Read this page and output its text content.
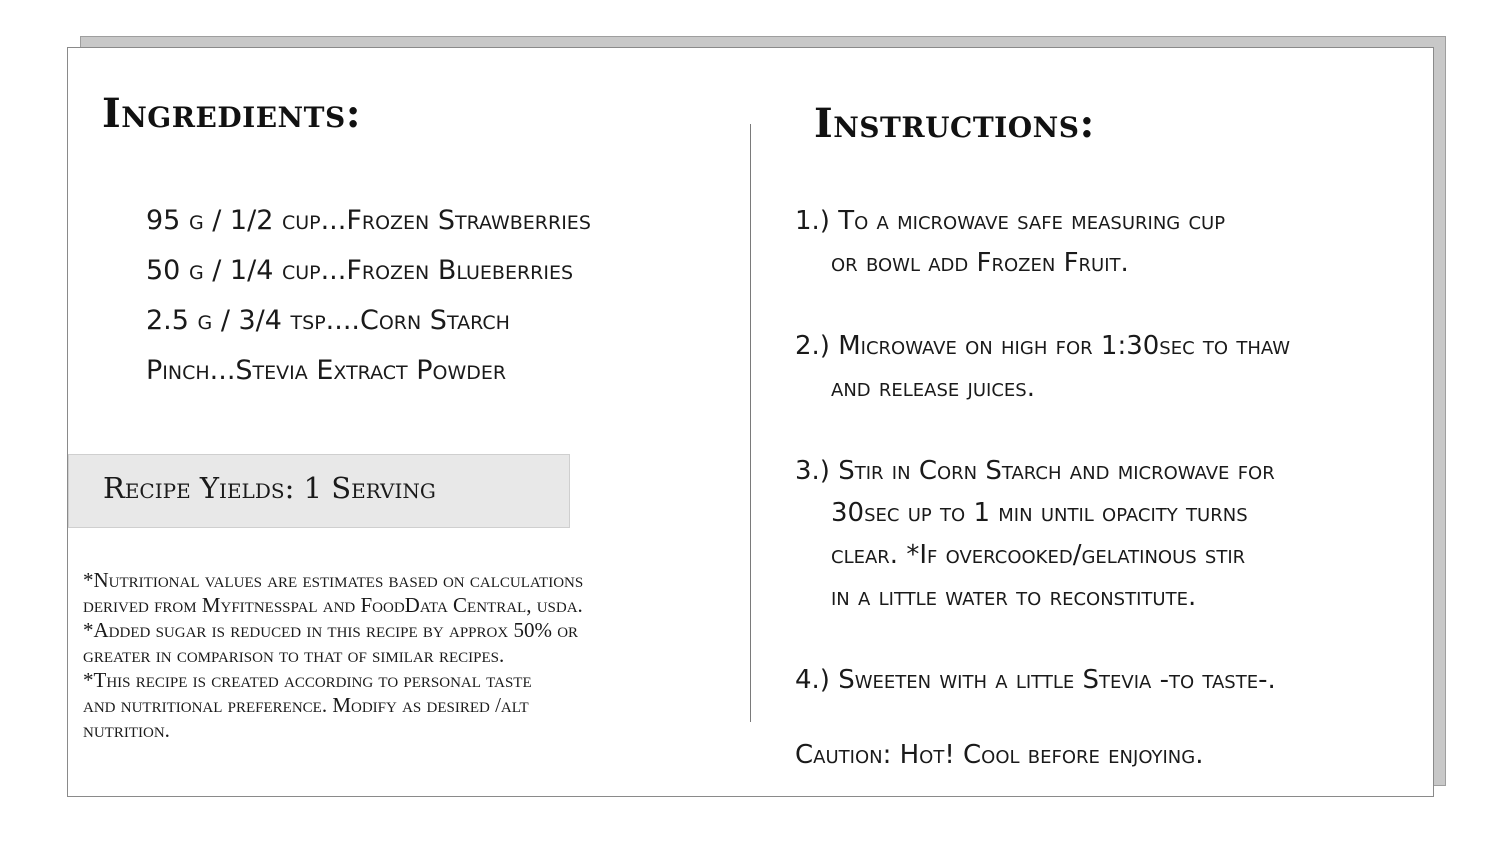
Ingredients:
95 g / 1/2 cup...Frozen Strawberries
50 g / 1/4 cup...Frozen Blueberries
2.5 g / 3/4 tsp....Corn Starch
Pinch...Stevia Extract Powder
Recipe Yields: 1 Serving
*Nutritional values are estimates based on calculations
derived from Myfitnesspal and FoodData Central, usda.
*Added sugar is reduced in this recipe by approx 50% or
greater in comparison to that of similar recipes.
*This recipe is created according to personal taste
and nutritional preference. Modify as desired /alt
nutrition.
Instructions:
1.) To a microwave safe measuring cup
or bowl add Frozen Fruit.
2.) Microwave on high for 1:30sec to thaw
and release juices.
3.) Stir in Corn Starch and microwave for
30sec up to 1 min until opacity turns
clear. *If overcooked/gelatinous stir
in a little water to reconstitute.
4.) Sweeten with a little Stevia -to taste-.
Caution: Hot! Cool before enjoying.
